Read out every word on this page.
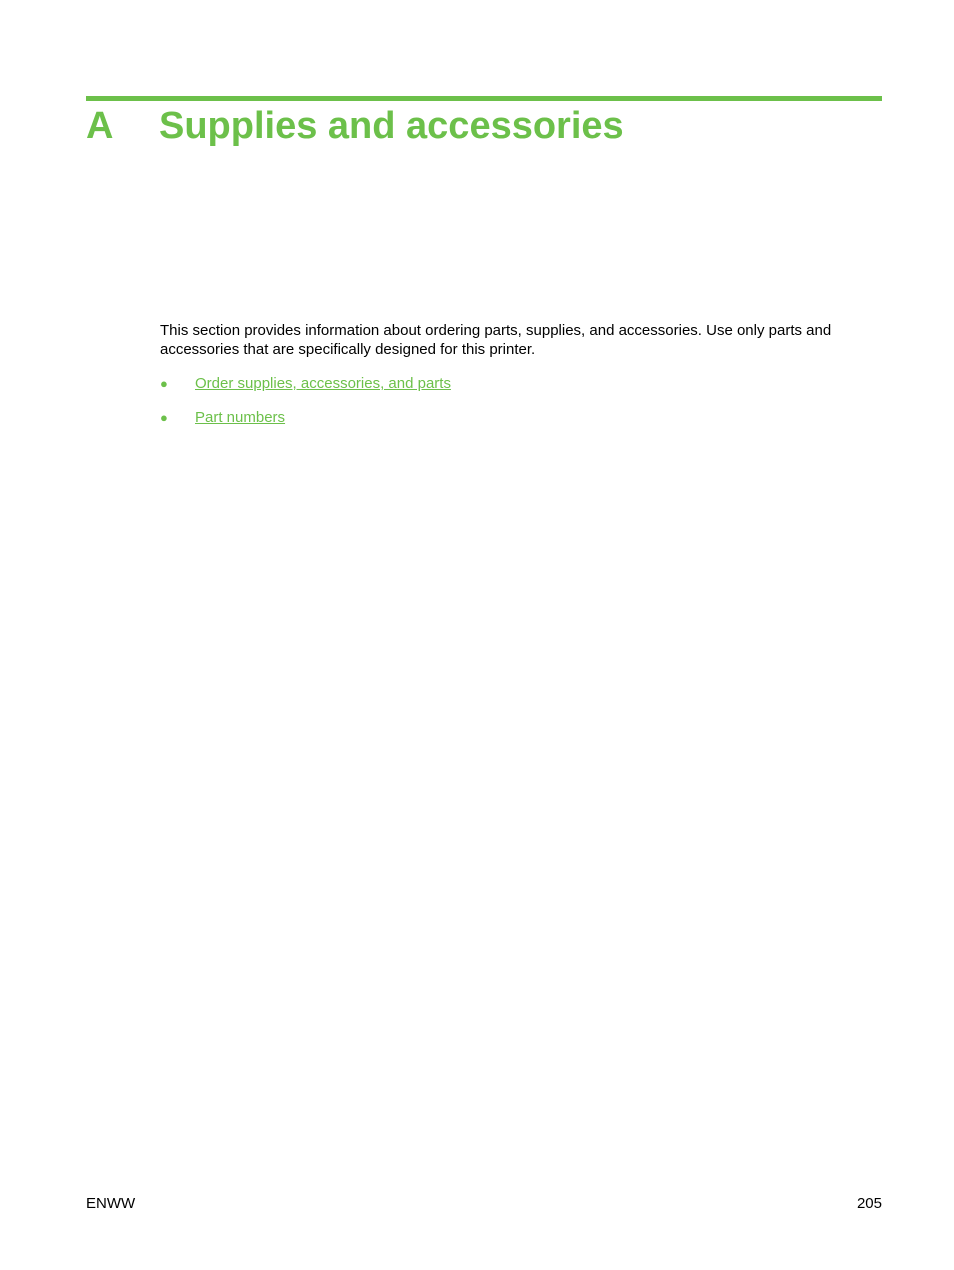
A	Supplies and accessories

This section provides information about ordering parts, supplies, and accessories. Use only parts and accessories that are specifically designed for this printer.

●	Order supplies, accessories, and parts
●	Part numbers
ENWW	205
